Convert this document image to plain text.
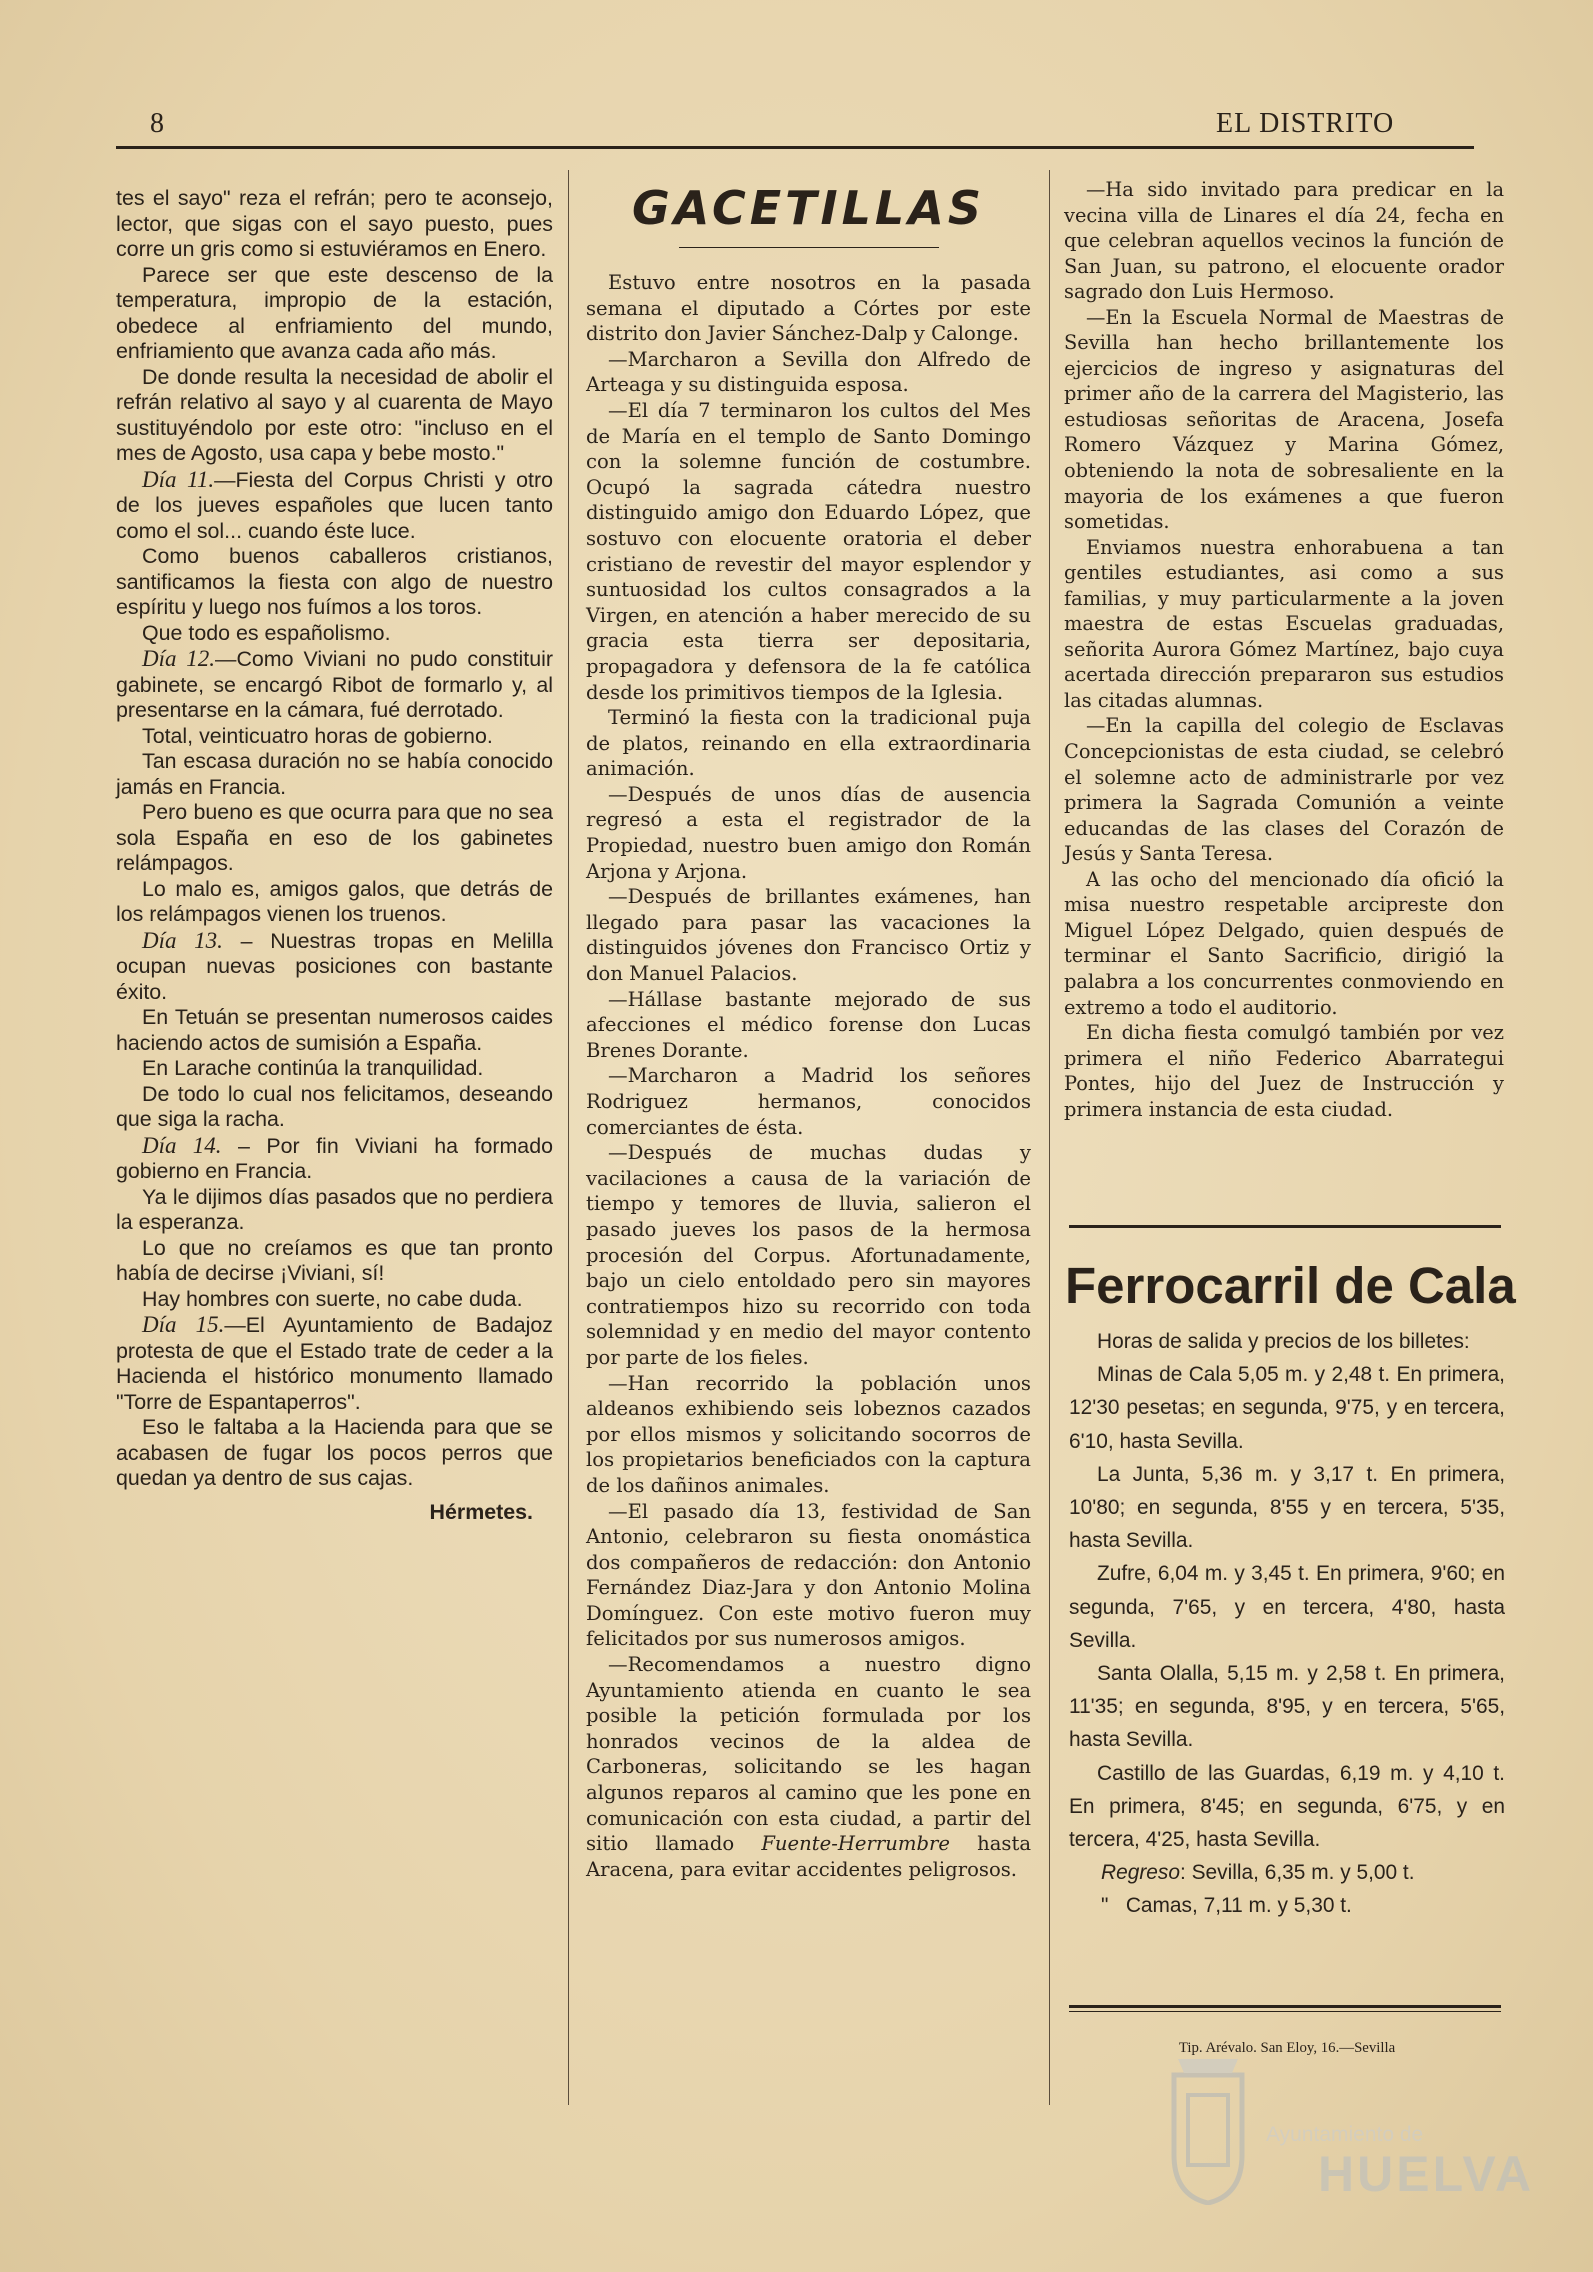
8	EL DISTRITO

tes el sayo" reza el refrán; pero te aconsejo, lector, que sigas con el sayo puesto, pues corre un gris como si estuviéramos en Enero.

Parece ser que este descenso de la temperatura, impropio de la estación, obedece al enfriamiento del mundo, enfriamiento que avanza cada año más.

De donde resulta la necesidad de abolir el refrán relativo al sayo y al cuarenta de Mayo sustituyéndolo por este otro: "incluso en el mes de Agosto, usa capa y bebe mosto."

Día 11.—Fiesta del Corpus Christi y otro de los jueves españoles que lucen tanto como el sol... cuando éste luce.

Como buenos caballeros cristianos, santificamos la fiesta con algo de nuestro espíritu y luego nos fuímos a los toros.

Que todo es españolismo.

Día 12.—Como Viviani no pudo constituir gabinete, se encargó Ribot de formarlo y, al presentarse en la cámara, fué derrotado.

Total, veinticuatro horas de gobierno.

Tan escasa duración no se había conocido jamás en Francia.

Pero bueno es que ocurra para que no sea sola España en eso de los gabinetes relámpagos.

Lo malo es, amigos galos, que detrás de los relámpagos vienen los truenos.

Día 13. – Nuestras tropas en Melilla ocupan nuevas posiciones con bastante éxito.

En Tetuán se presentan numerosos caides haciendo actos de sumisión a España.

En Larache continúa la tranquilidad.

De todo lo cual nos felicitamos, deseando que siga la racha.

Día 14. – Por fin Viviani ha formado gobierno en Francia.

Ya le dijimos días pasados que no perdiera la esperanza.

Lo que no creíamos es que tan pronto había de decirse ¡Viviani, sí!

Hay hombres con suerte, no cabe duda.

Día 15.—El Ayuntamiento de Badajoz protesta de que el Estado trate de ceder a la Hacienda el histórico monumento llamado "Torre de Espantaperros".

Eso le faltaba a la Hacienda para que se acabasen de fugar los pocos perros que quedan ya dentro de sus cajas.

Hérmetes.

GACETILLAS

Estuvo entre nosotros en la pasada semana el diputado a Córtes por este distrito don Javier Sánchez-Dalp y Calonge.

—Marcharon a Sevilla don Alfredo de Arteaga y su distinguida esposa.

—El día 7 terminaron los cultos del Mes de María en el templo de Santo Domingo con la solemne función de costumbre. Ocupó la sagrada cátedra nuestro distinguido amigo don Eduardo López, que sostuvo con elocuente oratoria el deber cristiano de revestir del mayor esplendor y suntuosidad los cultos consagrados a la Virgen, en atención a haber merecido de su gracia esta tierra ser depositaria, propagadora y defensora de la fe católica desde los primitivos tiempos de la Iglesia.

Terminó la fiesta con la tradicional puja de platos, reinando en ella extraordinaria animación.

—Después de unos días de ausencia regresó a esta el registrador de la Propiedad, nuestro buen amigo don Román Arjona y Arjona.

—Después de brillantes exámenes, han llegado para pasar las vacaciones la distinguidos jóvenes don Francisco Ortiz y don Manuel Palacios.

—Hállase bastante mejorado de sus afecciones el médico forense don Lucas Brenes Dorante.

—Marcharon a Madrid los señores Rodriguez hermanos, conocidos comerciantes de ésta.

—Después de muchas dudas y vacilaciones a causa de la variación de tiempo y temores de lluvia, salieron el pasado jueves los pasos de la hermosa procesión del Corpus. Afortunadamente, bajo un cielo entoldado pero sin mayores contratiempos hizo su recorrido con toda solemnidad y en medio del mayor contento por parte de los fieles.

—Han recorrido la población unos aldeanos exhibiendo seis lobeznos cazados por ellos mismos y solicitando socorros de los propietarios beneficiados con la captura de los dañinos animales.

—El pasado día 13, festividad de San Antonio, celebraron su fiesta onomástica dos compañeros de redacción: don Antonio Fernández Diaz-Jara y don Antonio Molina Domínguez. Con este motivo fueron muy felicitados por sus numerosos amigos.

—Recomendamos a nuestro digno Ayuntamiento atienda en cuanto le sea posible la petición formulada por los honrados vecinos de la aldea de Carboneras, solicitando se les hagan algunos reparos al camino que les pone en comunicación con esta ciudad, a partir del sitio llamado Fuente-Herrumbre hasta Aracena, para evitar accidentes peligrosos.

—Ha sido invitado para predicar en la vecina villa de Linares el día 24, fecha en que celebran aquellos vecinos la función de San Juan, su patrono, el elocuente orador sagrado don Luis Hermoso.

—En la Escuela Normal de Maestras de Sevilla han hecho brillantemente los ejercicios de ingreso y asignaturas del primer año de la carrera del Magisterio, las estudiosas señoritas de Aracena, Josefa Romero Vázquez y Marina Gómez, obteniendo la nota de sobresaliente en la mayoria de los exámenes a que fueron sometidas.

Enviamos nuestra enhorabuena a tan gentiles estudiantes, asi como a sus familias, y muy particularmente a la joven maestra de estas Escuelas graduadas, señorita Aurora Gómez Martínez, bajo cuya acertada dirección prepararon sus estudios las citadas alumnas.

—En la capilla del colegio de Esclavas Concepcionistas de esta ciudad, se celebró el solemne acto de administrarle por vez primera la Sagrada Comunión a veinte educandas de las clases del Corazón de Jesús y Santa Teresa.

A las ocho del mencionado día ofició la misa nuestro respetable arcipreste don Miguel López Delgado, quien después de terminar el Santo Sacrificio, dirigió la palabra a los concurrentes conmoviendo en extremo a todo el auditorio.

En dicha fiesta comulgó también por vez primera el niño Federico Abarrategui Pontes, hijo del Juez de Instrucción y primera instancia de esta ciudad.

Ferrocarril de Cala

Horas de salida y precios de los billetes:

Minas de Cala 5,05 m. y 2,48 t. En primera, 12'30 pesetas; en segunda, 9'75, y en tercera, 6'10, hasta Sevilla.

La Junta, 5,36 m. y 3,17 t. En primera, 10'80; en segunda, 8'55 y en tercera, 5'35, hasta Sevilla.

Zufre, 6,04 m. y 3,45 t. En primera, 9'60; en segunda, 7'65, y en tercera, 4'80, hasta Sevilla.

Santa Olalla, 5,15 m. y 2,58 t. En primera, 11'35; en segunda, 8'95, y en tercera, 5'65, hasta Sevilla.

Castillo de las Guardas, 6,19 m. y 4,10 t. En primera, 8'45; en segunda, 6'75, y en tercera, 4'25, hasta Sevilla.

Regreso: Sevilla, 6,35 m. y 5,00 t.

"   Camas, 7,11 m. y 5,30 t.

Tip. Arévalo. San Eloy, 16.—Sevilla
Ayuntamiento de
HUELVA
